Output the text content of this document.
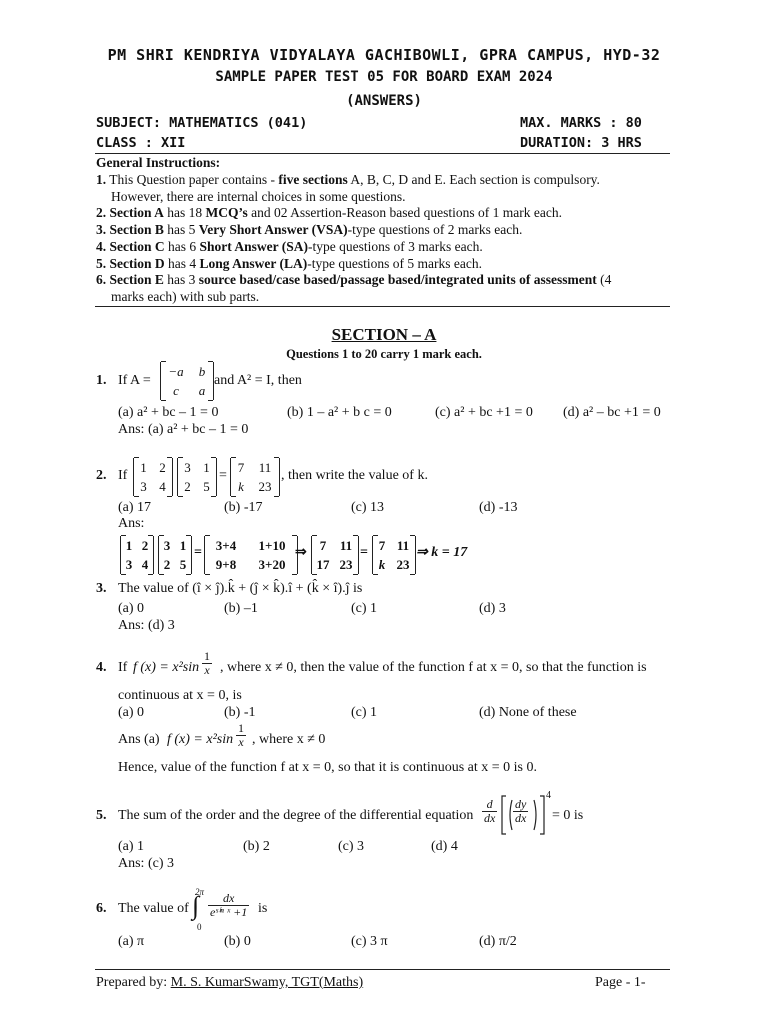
PM SHRI KENDRIYA VIDYALAYA GACHIBOWLI, GPRA CAMPUS, HYD-32
SAMPLE PAPER TEST 05 FOR BOARD EXAM 2024
(ANSWERS)
SUBJECT: MATHEMATICS (041)	MAX. MARKS : 80
CLASS : XII	DURATION: 3 HRS
General Instructions:
1. This Question paper contains - five sections A, B, C, D and E. Each section is compulsory.
However, there are internal choices in some questions.
2. Section A has 18 MCQ’s and 02 Assertion-Reason based questions of 1 mark each.
3. Section B has 5 Very Short Answer (VSA)-type questions of 2 marks each.
4. Section C has 6 Short Answer (SA)-type questions of 3 marks each.
5. Section D has 4 Long Answer (LA)-type questions of 5 marks each.
6. Section E has 3 source based/case based/passage based/integrated units of assessment (4
marks each) with sub parts.
SECTION – A
Questions 1 to 20 carry 1 mark each.
1. If A =
−a	b
c	a
and A² = I, then
(a) a² + bc – 1 = 0	(b) 1 – a² + b c = 0	(c) a² + bc +1 = 0 (d) a² – bc +1 = 0
Ans: (a) a² + bc – 1 = 0
2. If
1 2
3 4
3 1
2 5
=
7	11
k	23
, then write the value of k.
(a) 17	(b) -17	(c) 13	(d) -13
Ans:
1 2
3 4
3 1
2 5
=	3+4	1+10
9+8	3+20
⇒	7	11
17 23
= 7 11
k 23
⇒ k = 17
3. The value of (î × ĵ).k̂ + (ĵ × k̂).î + (k̂ × î).ĵ is
(a) 0	(b) –1	(c) 1	(d) 3
Ans: (d) 3
4. If f $(x) = x^2\sin \frac{1}{x}$ , where x ≠ 0, then the value of the function f at x = 0, so that the function is
continuous at x = 0, is
(a) 0	(b) -1	(c) 1	(d) None of these
Ans (a) f $(x) = x^2\sin \frac{1}{x}$ , where x ≠ 0
Hence, value of the function f at x = 0, so that it is continuous at x = 0 is 0.
5. The sum of the order and the degree of the differential equation $\frac{d}{dx} \frac{dy}{dx}$
4
= 0 is
(a) 1	(b) 2	(c) 3	(d) 4
Ans: (c) 3
6. The value of
2π
∫
0
$\frac{dx}{\text{eˢⁱⁿ ˣ +1}}$ is
(a) π	(b) 0	(c) 3 π	(d) π/2
Prepared by: M. S. KumarSwamy, TGT(Maths)	Page - 1-
